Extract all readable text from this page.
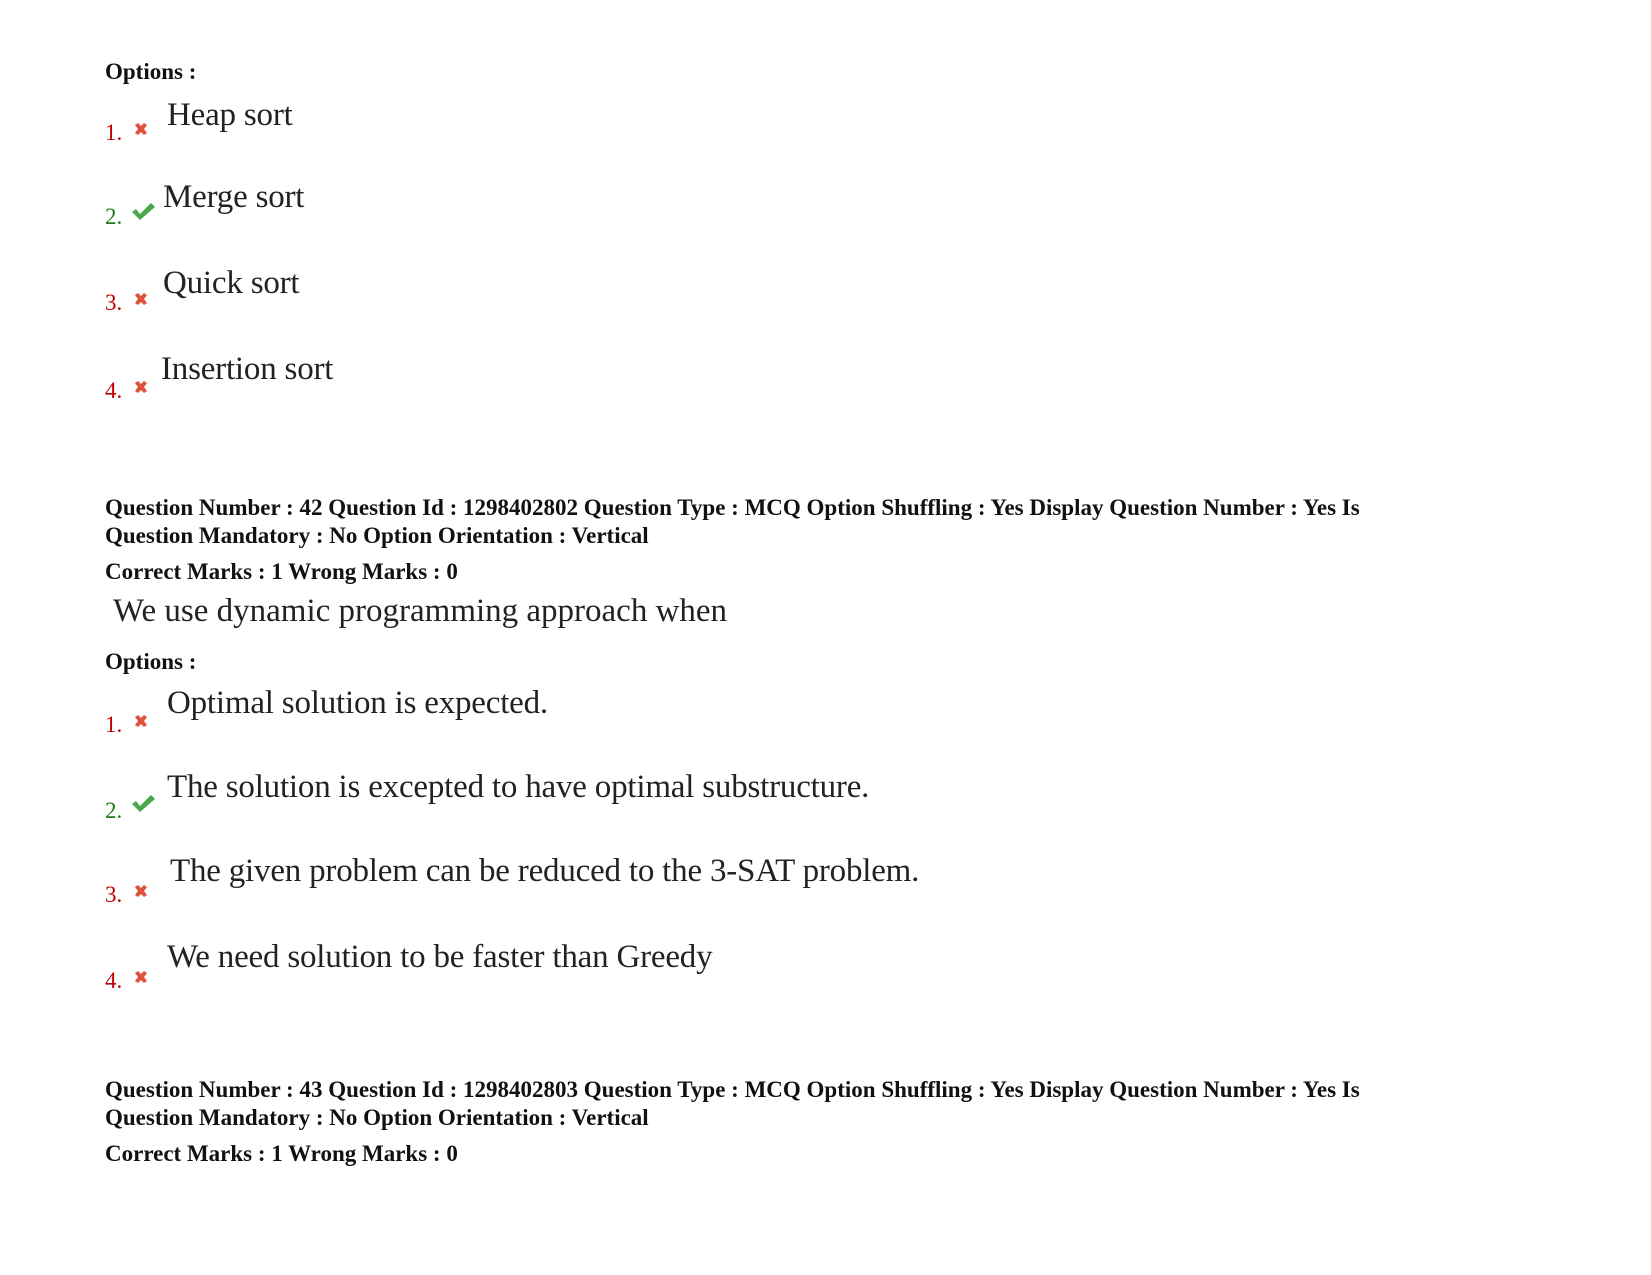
Options :
1. Heap sort
2.
Merge sort
3.
Quick sort
4.
Insertion sort
Question Number : 42 Question Id : 1298402802 Question Type : MCQ Option Shuffling : Yes Display Question Number : Yes Is
Question Mandatory : No Option Orientation : Vertical
Correct Marks : 1 Wrong Marks : 0
We use dynamic programming approach when
Options :
1.
Optimal solution is expected.
2.
The solution is excepted to have optimal substructure.
3.
The given problem can be reduced to the 3-SAT problem.
4.
We need solution to be faster than Greedy
Question Number : 43 Question Id : 1298402803 Question Type : MCQ Option Shuffling : Yes Display Question Number : Yes Is
Question Mandatory : No Option Orientation : Vertical
Correct Marks : 1 Wrong Marks : 0
